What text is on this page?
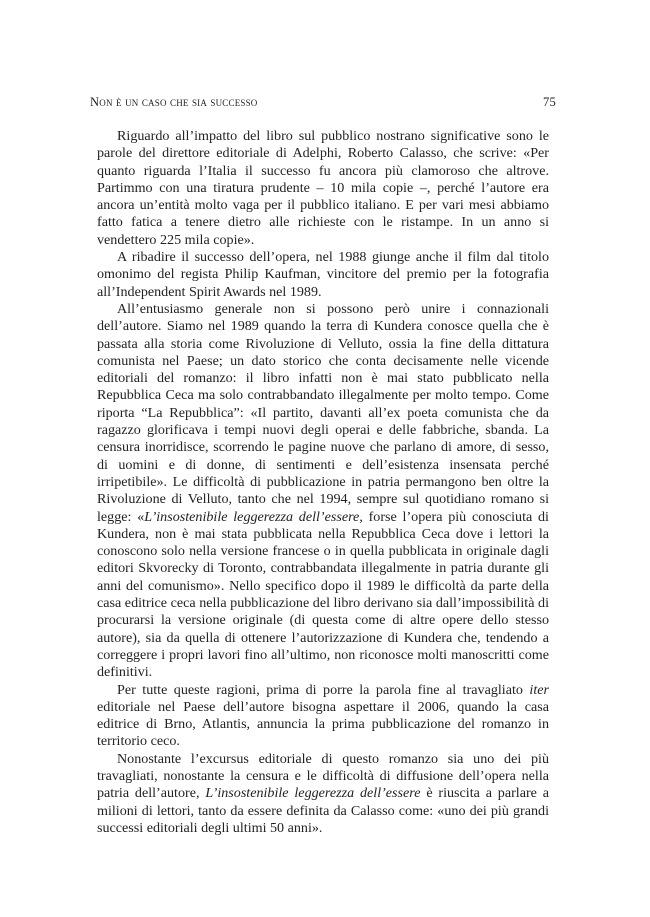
Non è un caso che sia successo	75

Riguardo all’impatto del libro sul pubblico nostrano significative sono le parole del direttore editoriale di Adelphi, Roberto Calasso, che scrive: «Per quanto riguarda l’Italia il successo fu ancora più clamoroso che altrove. Partimmo con una tiratura prudente – 10 mila copie –, perché l’autore era ancora un’entità molto vaga per il pubblico italiano. E per vari mesi abbiamo fatto fatica a tenere dietro alle richieste con le ristampe. In un anno si vendettero 225 mila copie».

A ribadire il successo dell’opera, nel 1988 giunge anche il film dal titolo omonimo del regista Philip Kaufman, vincitore del premio per la fotografia all’Independent Spirit Awards nel 1989.

All’entusiasmo generale non si possono però unire i connazionali dell’autore. Siamo nel 1989 quando la terra di Kundera conosce quella che è passata alla storia come Rivoluzione di Velluto, ossia la fine della dittatura comunista nel Paese; un dato storico che conta decisamente nelle vicende editoriali del romanzo: il libro infatti non è mai stato pubblicato nella Repubblica Ceca ma solo contrabbandato illegalmente per molto tempo. Come riporta “La Repubblica”: «Il partito, davanti all’ex poeta comunista che da ragazzo glorificava i tempi nuovi degli operai e delle fabbriche, sbanda. La censura inorridisce, scorrendo le pagine nuove che parlano di amore, di sesso, di uomini e di donne, di sentimenti e dell’esistenza insensata perché irripetibile». Le difficoltà di pubblicazione in patria permangono ben oltre la Rivoluzione di Velluto, tanto che nel 1994, sempre sul quotidiano romano si legge: «L’insostenibile leggerezza dell’essere, forse l’opera più conosciuta di Kundera, non è mai stata pubblicata nella Repubblica Ceca dove i lettori la conoscono solo nella versione francese o in quella pubblicata in originale dagli editori Skvorecky di Toronto, contrabbandata illegalmente in patria durante gli anni del comunismo». Nello specifico dopo il 1989 le difficoltà da parte della casa editrice ceca nella pubblicazione del libro derivano sia dall’impossibilità di procurarsi la versione originale (di questa come di altre opere dello stesso autore), sia da quella di ottenere l’autorizzazione di Kundera che, tendendo a correggere i propri lavori fino all’ultimo, non riconosce molti manoscritti come definitivi.

Per tutte queste ragioni, prima di porre la parola fine al travagliato iter editoriale nel Paese dell’autore bisogna aspettare il 2006, quando la casa editrice di Brno, Atlantis, annuncia la prima pubblicazione del romanzo in territorio ceco.

Nonostante l’excursus editoriale di questo romanzo sia uno dei più travagliati, nonostante la censura e le difficoltà di diffusione dell’opera nella patria dell’autore, L’insostenibile leggerezza dell’essere è riuscita a parlare a milioni di lettori, tanto da essere definita da Calasso come: «uno dei più grandi successi editoriali degli ultimi 50 anni».
